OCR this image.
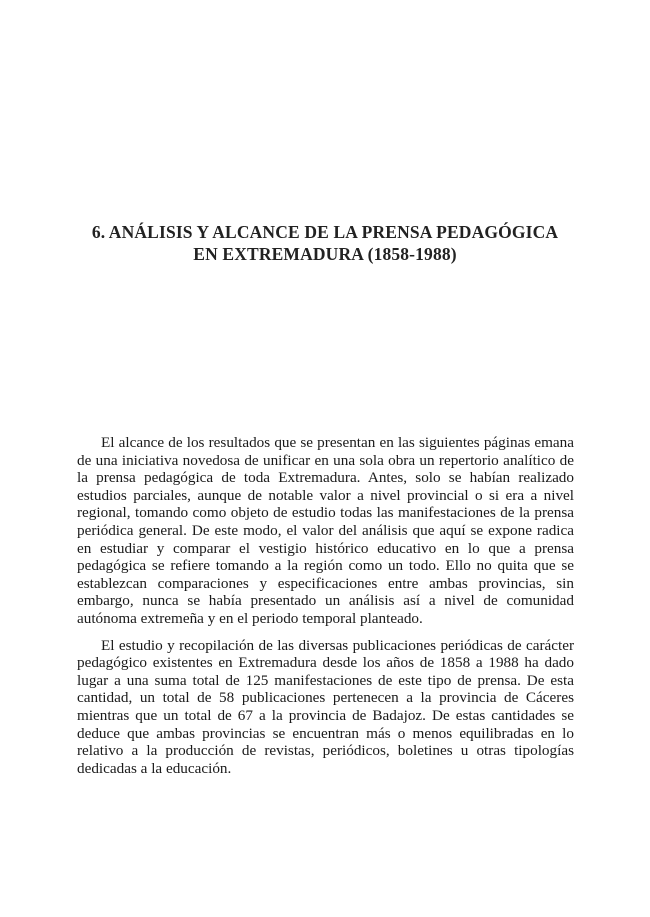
6. ANÁLISIS Y ALCANCE DE LA PRENSA PEDAGÓGICA
EN EXTREMADURA (1858-1988)

El alcance de los resultados que se presentan en las siguientes páginas emana de una iniciativa novedosa de unificar en una sola obra un repertorio analítico de la prensa pedagógica de toda Extremadura. Antes, solo se habían realizado estudios parciales, aunque de notable valor a nivel provincial o si era a nivel regional, tomando como objeto de estudio todas las manifestaciones de la prensa periódica general. De este modo, el valor del análisis que aquí se expone radica en estudiar y comparar el vestigio histórico educativo en lo que a prensa pedagógica se refiere tomando a la región como un todo. Ello no quita que se establezcan comparaciones y especificaciones entre ambas provincias, sin embargo, nunca se había presentado un análisis así a nivel de comunidad autónoma extremeña y en el periodo temporal planteado.

El estudio y recopilación de las diversas publicaciones periódicas de carácter pedagógico existentes en Extremadura desde los años de 1858 a 1988 ha dado lugar a una suma total de 125 manifestaciones de este tipo de prensa. De esta cantidad, un total de 58 publicaciones pertenecen a la provincia de Cáceres mientras que un total de 67 a la provincia de Badajoz. De estas cantidades se deduce que ambas provincias se encuentran más o menos equilibradas en lo relativo a la producción de revistas, periódicos, boletines u otras tipologías dedicadas a la educación.
